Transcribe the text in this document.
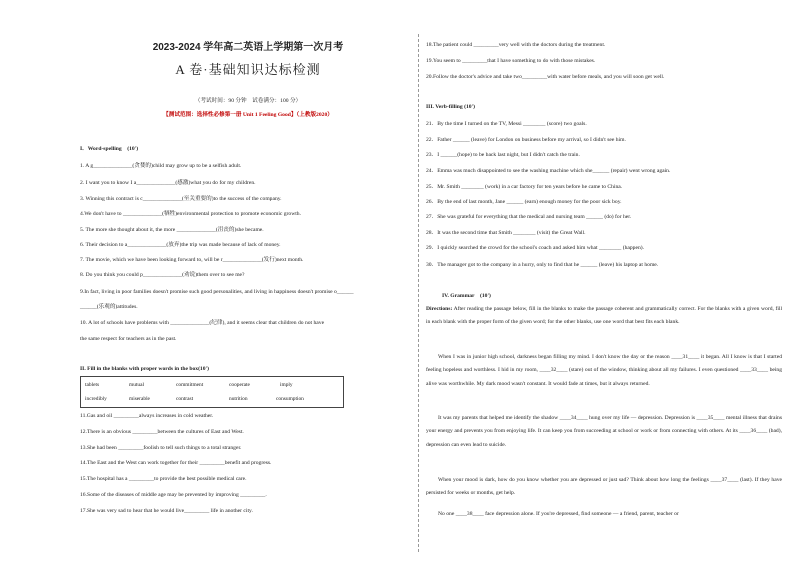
2023-2024 学年高二英语上学期第一次月考
A 卷·基础知识达标检测
（考试时间：90 分钟　试卷满分：100 分）
【测试范围：选择性必修第一册 Unit 1 Feeling Good】（上教版2020）
I．Word-spelling　(10')
1. A g______________(贪婪的)child may grow up to be a selfish adult.
2. I want you to know I a______________(感激)what you do for my children.
3. Winning this contract is c______________(至关重要的)to the success of the company.
4.We don't have to ______________(牺牲)environmental protection to promote economic growth.
5. The more she thought about it, the more ______________(沮丧的)she became.
6. Their decision to a______________(放弃)the trip was made because of lack of money.
7. The movie, which we have been looking forward to, will be r______________(发行)next month.
8. Do you think you could p______________(劝说)them over to see me?
9.In fact, living in poor families doesn't promise such good personalities, and living in happiness doesn't promise o______
______(乐观的)attitudes.
10. A lot of schools have problems with ______________(纪律), and it seems clear that children do not have
the same respect for teachers as in the past.
II. Fill in the blanks with proper words in the box(10')
tablets	mutual	commitment	cooperate	imply
incredibly	miserable	contrast	nutrition	consumption
11.Gas and oil _________always increases in cold weather.
12.There is an obvious _________between the cultures of East and West.
13.She had been _________foolish to tell such things to a total stranger.
14.The East and the West can work together for their _________benefit and progress.
15.The hospital has a _________to provide the best possible medical care.
16.Some of the diseases of middle age may be prevented by improving _________.
17.She was very sad to hear that he would live_________ life in another city.
18.The patient could _________very well with the doctors during the treatment.
19.You seem to _________that I have something to do with those mistakes.
20.Follow the doctor's advice and take two_________with water before meals, and you will soon get well.
III. Verb-filling (10')
21．By the time I turned on the TV, Messi ________ (score) two goals.
22．Father ______ (leave) for London on business before my arrival, so I didn't see him.
23．I ______(hope) to be back last night, but I didn't catch the train.
24．Emma was much disappointed to see the washing machine which she______ (repair) went wrong again.
25．Mr. Smith ________ (work) in a car factory for ten years before he came to China.
26．By the end of last month, Jane ______ (earn) enough money for the poor sick boy.
27．She was grateful for everything that the medical and nursing team ______ (do) for her.
28．It was the second time that Smith ________ (visit) the Great Wall.
29．I quickly searched the crowd for the school's coach and asked him what ________ (happen).
30．The manager got to the company in a hurry, only to find that he ______ (leave) his laptop at home.
IV. Grammar　(10')
Directions: After reading the passage below, fill in the blanks to make the passage coherent and grammatically correct. For the blanks with a given word, fill in each blank with the proper form of the given word; for the other blanks, use one word that best fits each blank.
When I was in junior high school, darkness began filling my mind. I don't know the day or the reason ____31____ it began. All I know is that I started feeling hopeless and worthless. I hid in my room, ____32____ (stare) out of the window, thinking about all my failures. I even questioned ____33____ being alive was worthwhile. My dark mood wasn't constant. It would fade at times, but it always returned.
It was my parents that helped me identify the shadow ____34____ hung over my life — depression. Depression is ____35____ mental illness that drains your energy and prevents you from enjoying life. It can keep you from succeeding at school or work or from connecting with others. At its ____36____ (bad), depression can even lead to suicide.
When your mood is dark, how do you know whether you are depressed or just sad? Think about how long the feelings ____37____ (last). If they have persisted for weeks or months, get help.
No one ____38____ face depression alone. If you're depressed, find someone — a friend, parent, teacher or
